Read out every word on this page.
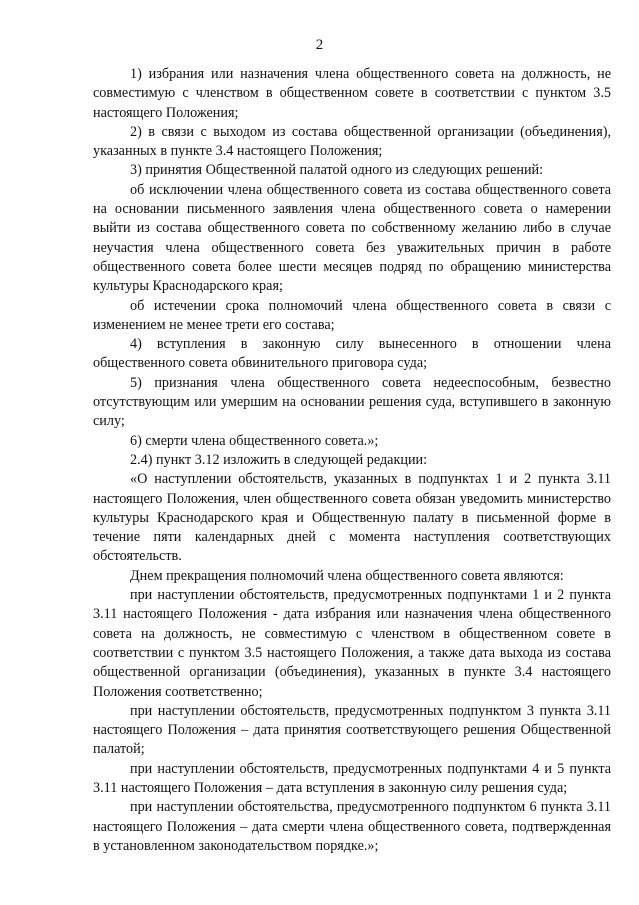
2

1) избрания или назначения члена общественного совета на должность, не совместимую с членством в общественном совете в соответствии с пунктом 3.5 настоящего Положения;

2) в связи с выходом из состава общественной организации (объединения), указанных в пункте 3.4 настоящего Положения;

3) принятия Общественной палатой одного из следующих решений:

об исключении члена общественного совета из состава общественного совета на основании письменного заявления члена общественного совета о намерении выйти из состава общественного совета по собственному желанию либо в случае неучастия члена общественного совета без уважительных причин в работе общественного совета более шести месяцев подряд по обращению министерства культуры Краснодарского края;

об истечении срока полномочий члена общественного совета в связи с изменением не менее трети его состава;

4) вступления в законную силу вынесенного в отношении члена общественного совета обвинительного приговора суда;

5) признания члена общественного совета недееспособным, безвестно отсутствующим или умершим на основании решения суда, вступившего в законную силу;

6) смерти члена общественного совета.»;

2.4) пункт 3.12 изложить в следующей редакции:

«О наступлении обстоятельств, указанных в подпунктах 1 и 2 пункта 3.11 настоящего Положения, член общественного совета обязан уведомить министерство культуры Краснодарского края и Общественную палату в письменной форме в течение пяти календарных дней с момента наступления соответствующих обстоятельств.

Днем прекращения полномочий члена общественного совета являются:

при наступлении обстоятельств, предусмотренных подпунктами 1 и 2 пункта 3.11 настоящего Положения - дата избрания или назначения члена общественного совета на должность, не совместимую с членством в общественном совете в соответствии с пунктом 3.5 настоящего Положения, а также дата выхода из состава общественной организации (объединения), указанных в пункте 3.4 настоящего Положения соответственно;

при наступлении обстоятельств, предусмотренных подпунктом 3 пункта 3.11 настоящего Положения – дата принятия соответствующего решения Общественной палатой;

при наступлении обстоятельств, предусмотренных подпунктами 4 и 5 пункта 3.11 настоящего Положения – дата вступления в законную силу решения суда;

при наступлении обстоятельства, предусмотренного подпунктом 6 пункта 3.11 настоящего Положения – дата смерти члена общественного совета, подтвержденная в установленном законодательством порядке.»;
